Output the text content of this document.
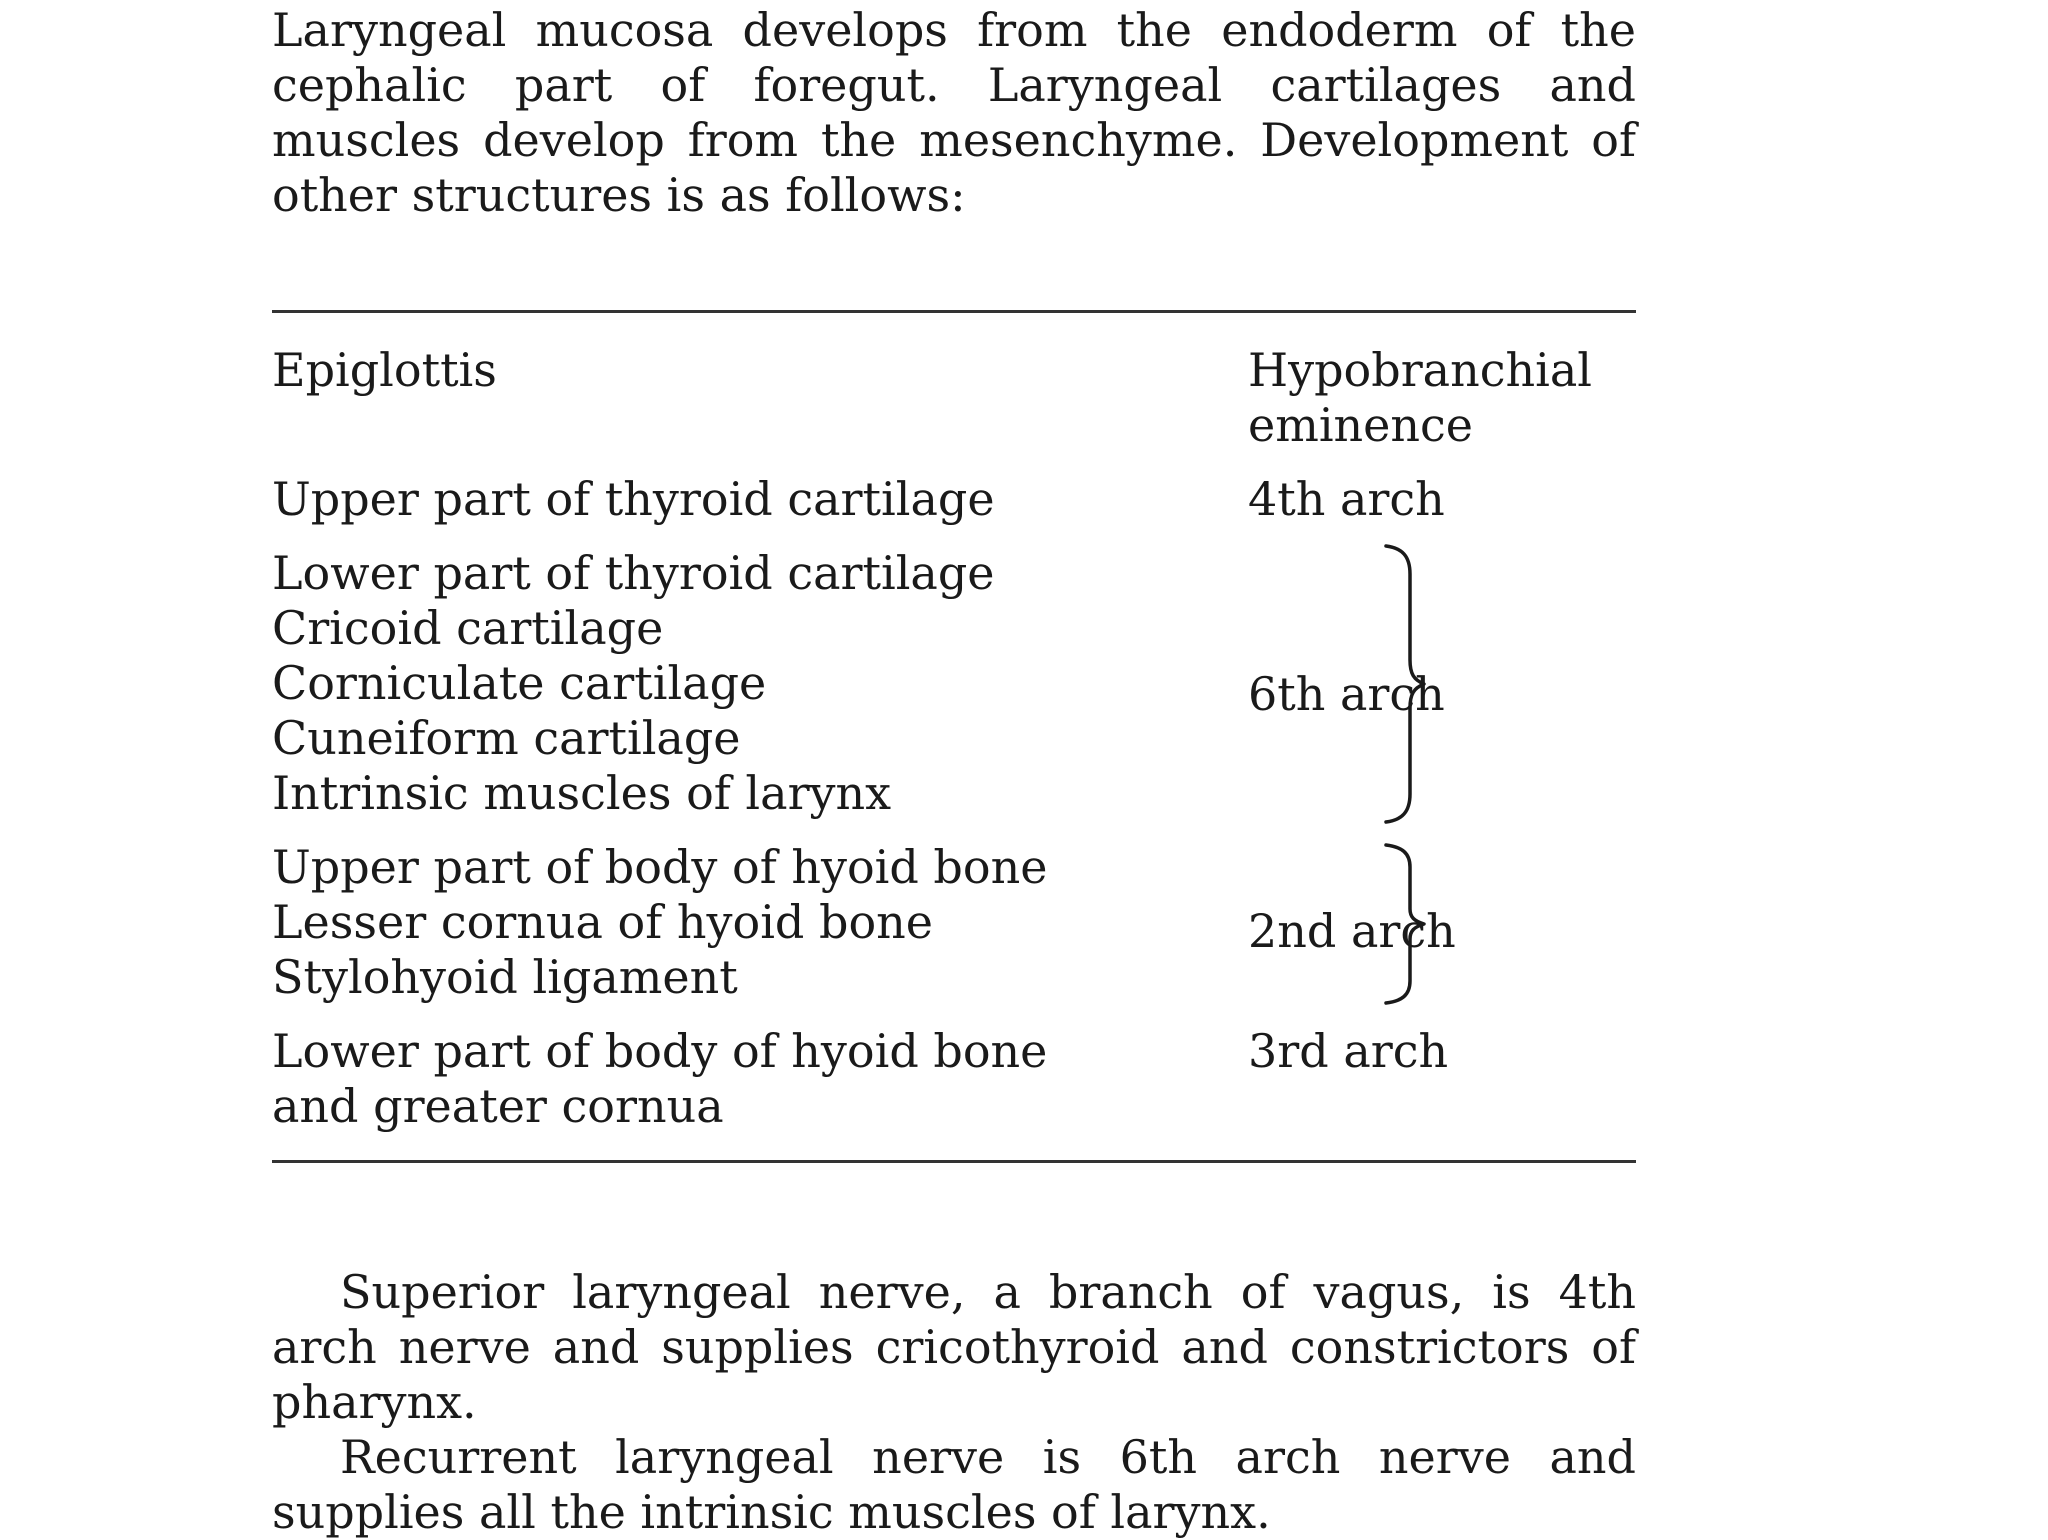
Laryngeal mucosa develops from the endoderm of the cephalic part of foregut. Laryngeal cartilages and muscles develop from the mesenchyme. Development of other structures is as follows:

Epiglottis	Hypobranchial
eminence
Upper part of thyroid cartilage	4th arch
Lower part of thyroid cartilage
Cricoid cartilage
Corniculate cartilage
Cuneiform cartilage
Intrinsic muscles of larynx
6th arch
Upper part of body of hyoid bone
Lesser cornua of hyoid bone
Stylohyoid ligament
2nd arch
Lower part of body of hyoid bone
and greater cornua
3rd arch

Superior laryngeal nerve, a branch of vagus, is 4th arch nerve and supplies cricothyroid and constrictors of pharynx.

Recurrent laryngeal nerve is 6th arch nerve and supplies all the intrinsic muscles of larynx.
